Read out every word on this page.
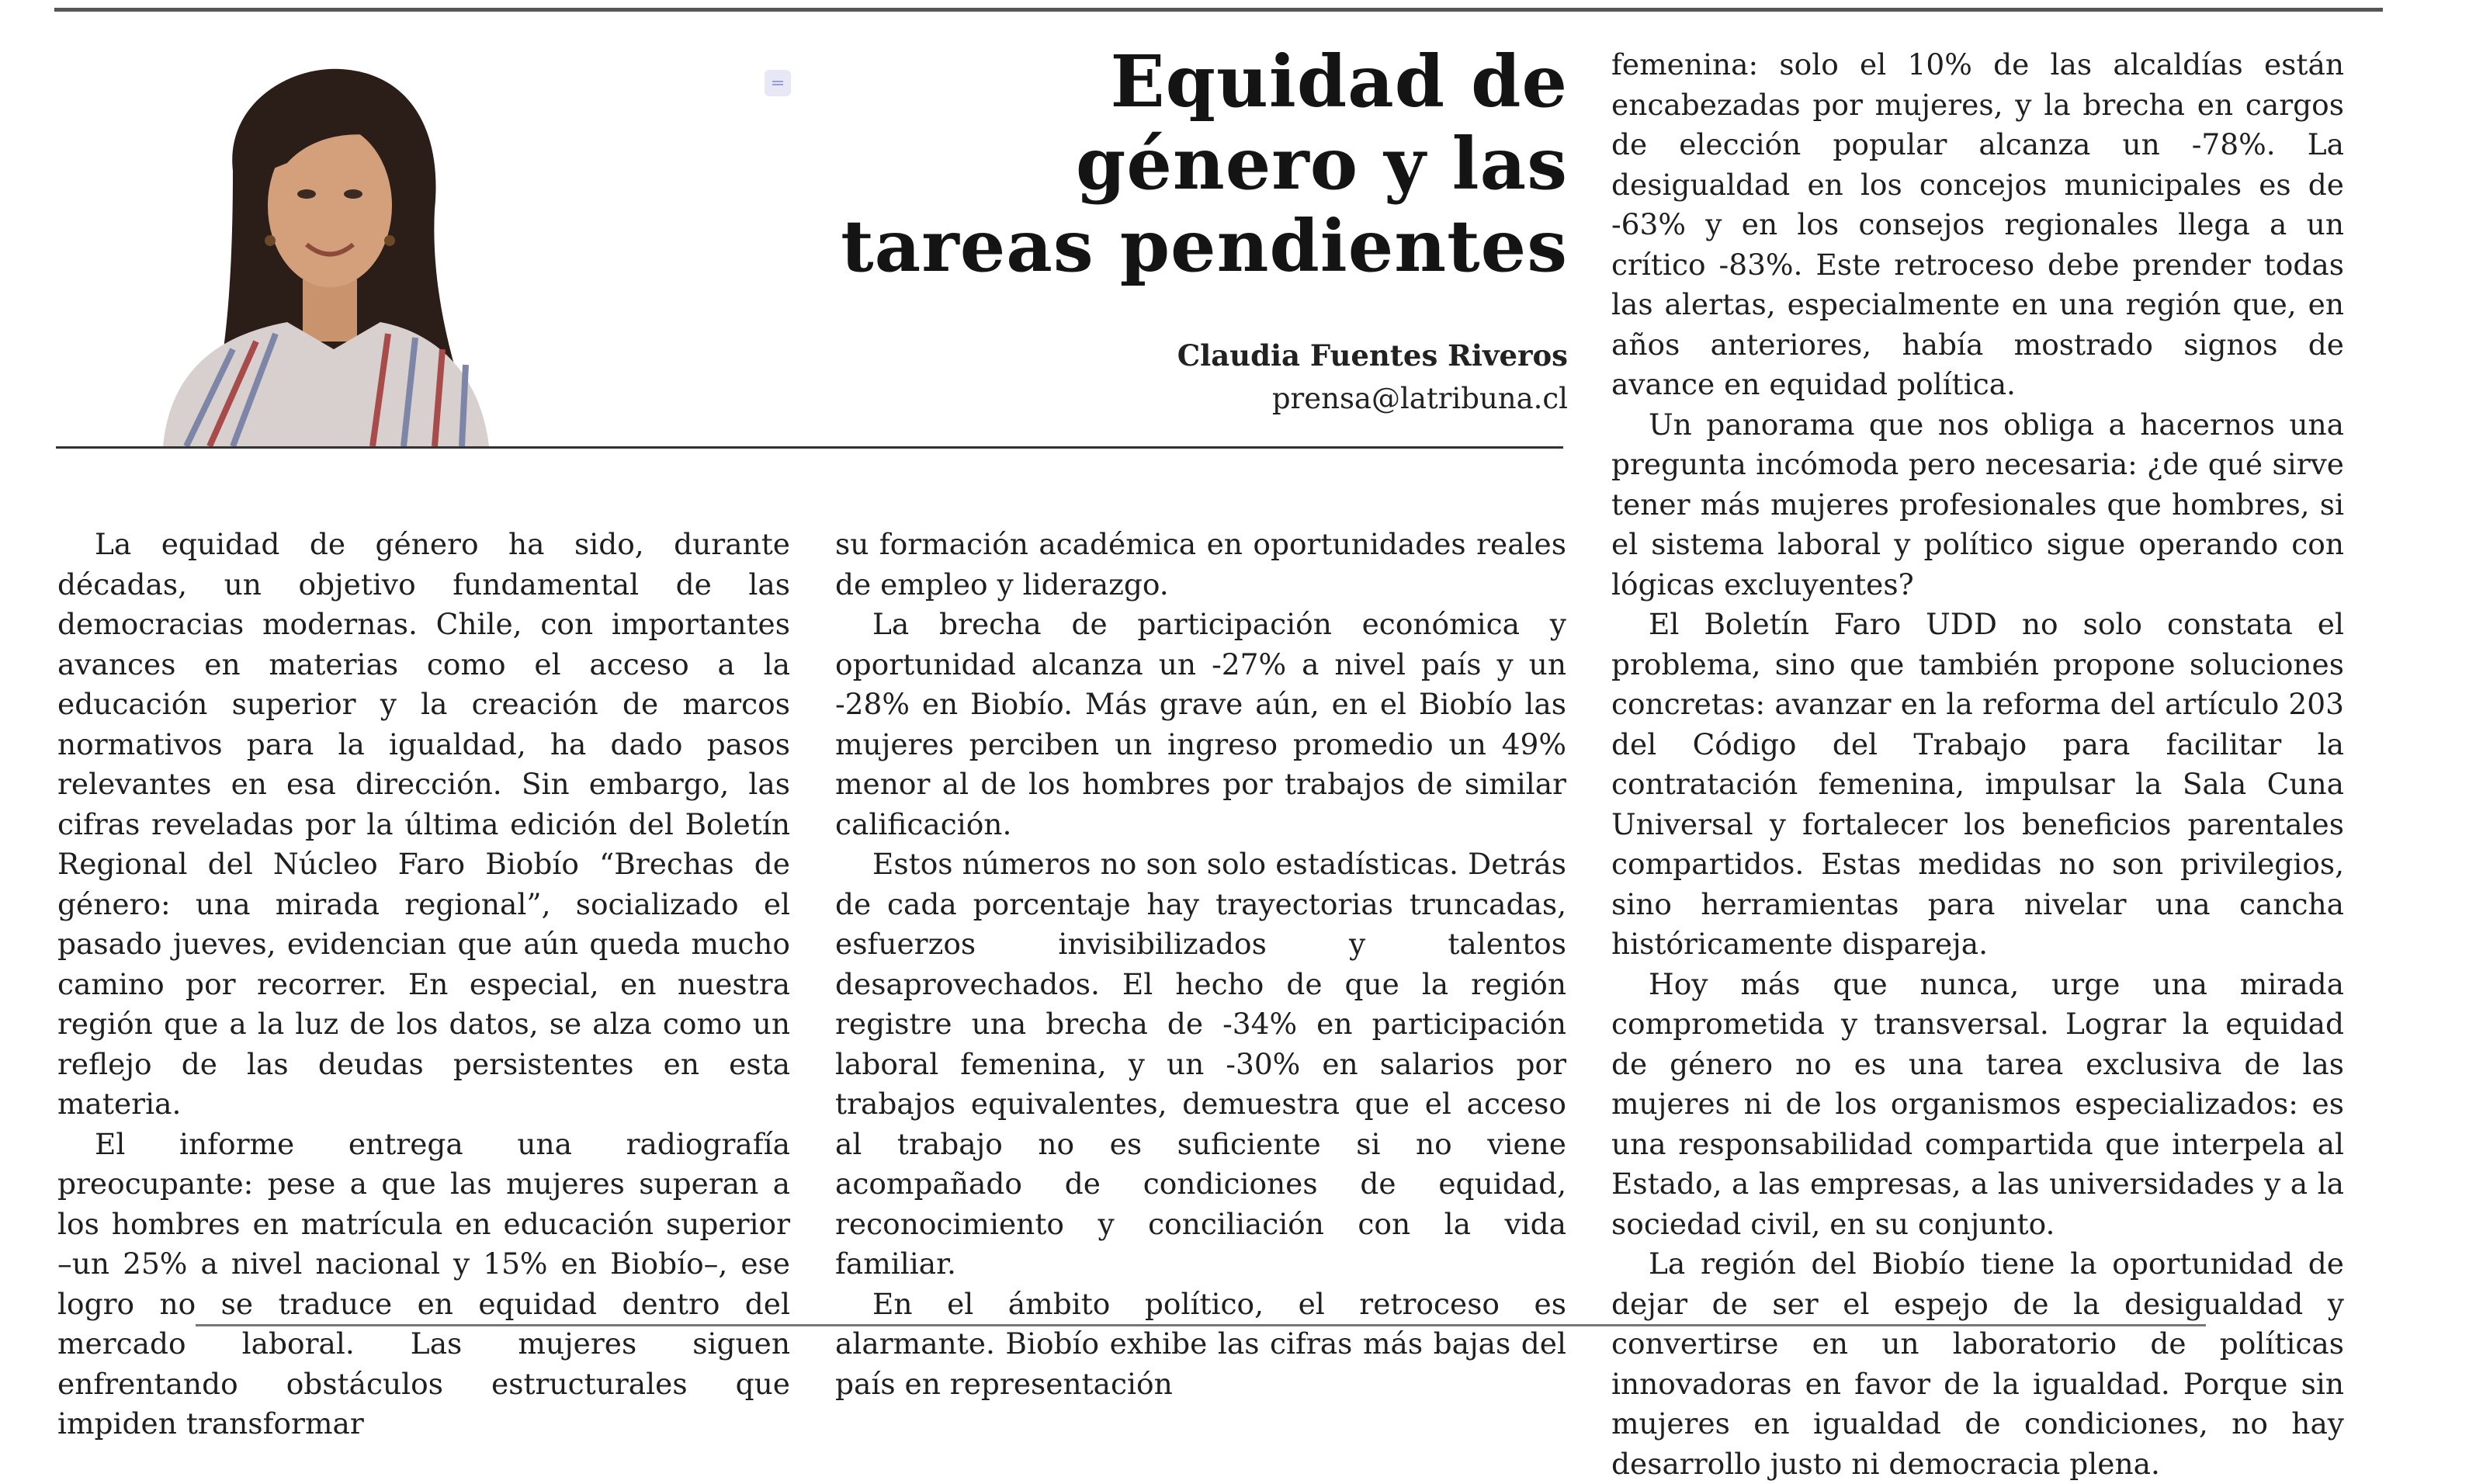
Equidad de género y las tareas pendientes
Claudia Fuentes Riveros
prensa@latribuna.cl

La equidad de género ha sido, durante décadas, un objetivo fundamental de las democracias modernas. Chile, con importantes avances en materias como el acceso a la educación superior y la creación de marcos normativos para la igualdad, ha dado pasos relevantes en esa dirección. Sin embargo, las cifras reveladas por la última edición del Boletín Regional del Núcleo Faro Biobío “Brechas de género: una mirada regional”, socializado el pasado jueves, evidencian que aún queda mucho camino por recorrer. En especial, en nuestra región que a la luz de los datos, se alza como un reflejo de las deudas persistentes en esta materia.

El informe entrega una radiografía preocupante: pese a que las mujeres superan a los hombres en matrícula en educación superior –un 25% a nivel nacional y 15% en Biobío–, ese logro no se traduce en equidad dentro del mercado laboral. Las mujeres siguen enfrentando obstáculos estructurales que impiden transformar

su formación académica en oportunidades reales de empleo y liderazgo.

La brecha de participación económica y oportunidad alcanza un -27% a nivel país y un -28% en Biobío. Más grave aún, en el Biobío las mujeres perciben un ingreso promedio un 49% menor al de los hombres por trabajos de similar calificación.

Estos números no son solo estadísticas. Detrás de cada porcentaje hay trayectorias truncadas, esfuerzos invisibilizados y talentos desaprovechados. El hecho de que la región registre una brecha de -34% en participación laboral femenina, y un -30% en salarios por trabajos equivalentes, demuestra que el acceso al trabajo no es suficiente si no viene acompañado de condiciones de equidad, reconocimiento y conciliación con la vida familiar.

En el ámbito político, el retroceso es alarmante. Biobío exhibe las cifras más bajas del país en representación

femenina: solo el 10% de las alcaldías están encabezadas por mujeres, y la brecha en cargos de elección popular alcanza un -78%. La desigualdad en los concejos municipales es de -63% y en los consejos regionales llega a un crítico -83%. Este retroceso debe prender todas las alertas, especialmente en una región que, en años anteriores, había mostrado signos de avance en equidad política.

Un panorama que nos obliga a hacernos una pregunta incómoda pero necesaria: ¿de qué sirve tener más mujeres profesionales que hombres, si el sistema laboral y político sigue operando con lógicas excluyentes?

El Boletín Faro UDD no solo constata el problema, sino que también propone soluciones concretas: avanzar en la reforma del artículo 203 del Código del Trabajo para facilitar la contratación femenina, impulsar la Sala Cuna Universal y fortalecer los beneficios parentales compartidos. Estas medidas no son privilegios, sino herramientas para nivelar una cancha históricamente dispareja.

Hoy más que nunca, urge una mirada comprometida y transversal. Lograr la equidad de género no es una tarea exclusiva de las mujeres ni de los organismos especializados: es una responsabilidad compartida que interpela al Estado, a las empresas, a las universidades y a la sociedad civil, en su conjunto.

La región del Biobío tiene la oportunidad de dejar de ser el espejo de la desigualdad y convertirse en un laboratorio de políticas innovadoras en favor de la igualdad. Porque sin mujeres en igualdad de condiciones, no hay desarrollo justo ni democracia plena.
